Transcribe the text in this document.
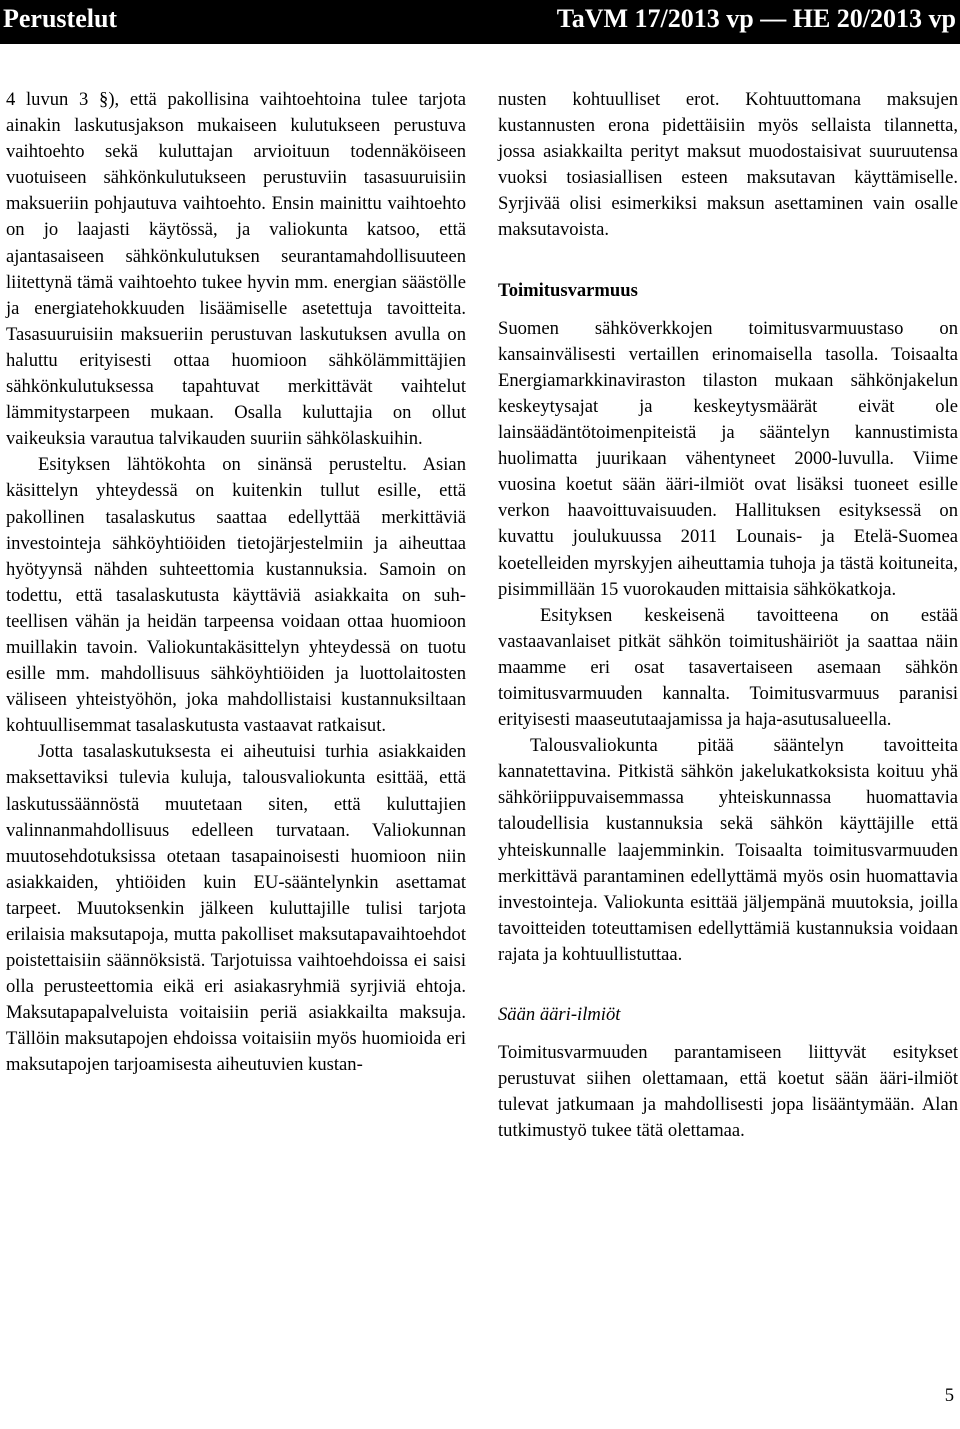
Perustelut	TaVM 17/2013 vp — HE 20/2013 vp

4 luvun 3 §), että pakollisina vaihtoehtoina tulee tarjota ainakin laskutusjakson mukaiseen kulutukseen perustuva vaihtoehto sekä kuluttajan arvioituun todennäköiseen vuotuiseen sähkönkulutukseen perustuviin tasasuuruisiin maksueriin pohjautuva vaihtoehto. Ensin mainittu vaihtoehto on jo laajasti käytössä, ja valiokunta katsoo, että ajantasaiseen sähkönkulutuksen seurantamahdollisuuteen liitettynä tämä vaihtoehto tukee hyvin mm. energian säästölle ja energiatehokkuuden lisäämiselle asetettuja tavoitteita. Tasasuuruisiin maksueriin perustuvan laskutuksen avulla on haluttu erityisesti ottaa huomioon sähkölämmittäjien sähkönkulutuksessa tapahtuvat merkittävät vaihtelut lämmitystarpeen mukaan. Osalla kuluttajia on ollut vaikeuksia varautua talvikauden suuriin sähkölaskuihin.

Esityksen lähtökohta on sinänsä perusteltu. Asian käsittelyn yhteydessä on kuitenkin tullut esille, että pakollinen tasalaskutus saattaa edellyttää merkittäviä investointeja sähköyhtiöiden tietojärjestelmiin ja aiheuttaa hyötyynsä nähden suhteettomia kustannuksia. Samoin on todettu, että tasalaskutusta käyttäviä asiakkaita on suhteellisen vähän ja heidän tarpeensa voidaan ottaa huomioon muillakin tavoin. Valiokuntakäsittelyn yhteydessä on tuotu esille mm. mahdollisuus sähköyhtiöiden ja luottolaitosten väliseen yhteistyöhön, joka mahdollistaisi kustannuksiltaan kohtuullisemmat tasalaskutusta vastaavat ratkaisut.

Jotta tasalaskutuksesta ei aiheutuisi turhia asiakkaiden maksettaviksi tulevia kuluja, talousvaliokunta esittää, että laskutussäännöstä muutetaan siten, että kuluttajien valinnanmahdollisuus edelleen turvataan. Valiokunnan muutosehdotuksissa otetaan tasapainoisesti huomioon niin asiakkaiden, yhtiöiden kuin EU-sääntelynkin asettamat tarpeet. Muutoksenkin jälkeen kuluttajille tulisi tarjota erilaisia maksutapoja, mutta pakolliset maksutapavaihtoehdot poistettaisiin säännöksistä. Tarjotuissa vaihtoehdoissa ei saisi olla perusteettomia eikä eri asiakasryhmiä syrjiviä ehtoja. Maksutapapalveluista voitaisiin periä asiakkailta maksuja. Tällöin maksutapojen ehdoissa voitaisiin myös huomioida eri maksutapojen tarjoamisesta aiheutuvien kustan-

nusten kohtuulliset erot. Kohtuuttomana maksujen kustannusten erona pidettäisiin myös sellaista tilannetta, jossa asiakkailta perityt maksut muodostaisivat suuruutensa vuoksi tosiasiallisen esteen maksutavan käyttämiselle. Syrjivää olisi esimerkiksi maksun asettaminen vain osalle maksutavoista.

Toimitusvarmuus

Suomen sähköverkkojen toimitusvarmuustaso on kansainvälisesti vertaillen erinomaisella tasolla. Toisaalta Energiamarkkinaviraston tilaston mukaan sähkönjakelun keskeytysajat ja keskeytysmäärät eivät ole lainsäädäntötoimenpiteistä ja sääntelyn kannustimista huolimatta juurikaan vähentyneet 2000-luvulla. Viime vuosina koetut sään ääri-ilmiöt ovat lisäksi tuoneet esille verkon haavoittuvaisuuden. Hallituksen esityksessä on kuvattu joulukuussa 2011 Lounais- ja Etelä-Suomea koetelleiden myrskyjen aiheuttamia tuhoja ja tästä koituneita, pisimmillään 15 vuorokauden mittaisia sähkökatkoja.

Esityksen keskeisenä tavoitteena on estää vastaavanlaiset pitkät sähkön toimitushäiriöt ja saattaa näin maamme eri osat tasavertaiseen asemaan sähkön toimitusvarmuuden kannalta. Toimitusvarmuus paranisi erityisesti maaseututaajamissa ja haja-asutusalueella.

Talousvaliokunta pitää sääntelyn tavoitteita kannatettavina. Pitkistä sähkön jakelukatkoksista koituu yhä sähköriippuvaisemmassa yhteiskunnassa huomattavia taloudellisia kustannuksia sekä sähkön käyttäjille että yhteiskunnalle laajemminkin. Toisaalta toimitusvarmuuden merkittävä parantaminen edellyttämä myös osin huomattavia investointeja. Valiokunta esittää jäljempänä muutoksia, joilla tavoitteiden toteuttamisen edellyttämiä kustannuksia voidaan rajata ja kohtuullistuttaa.

Sään ääri-ilmiöt

Toimitusvarmuuden parantamiseen liittyvät esitykset perustuvat siihen olettamaan, että koetut sään ääri-ilmiöt tulevat jatkumaan ja mahdollisesti jopa lisääntymään. Alan tutkimustyö tukee tätä olettamaa.

5
